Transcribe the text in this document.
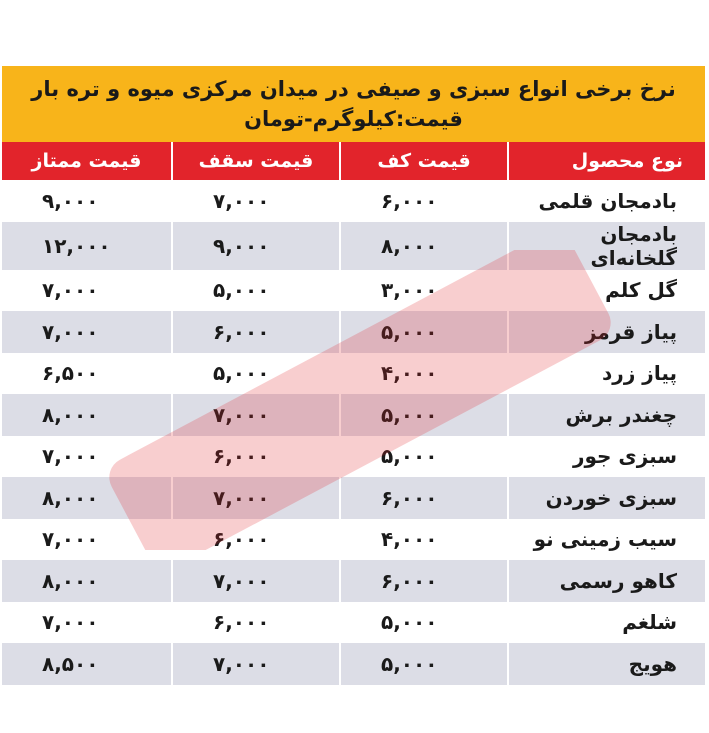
نرخ برخی انواع سبزی و صیفی در میدان مرکزی میوه و تره بار
قیمت:کیلوگرم-تومان
نوع محصول	قیمت کف	قیمت سقف	قیمت ممتاز
بادمجان قلمی	۶,۰۰۰	۷,۰۰۰	۹,۰۰۰
بادمجان گلخانه‌ای	۸,۰۰۰	۹,۰۰۰	۱۲,۰۰۰
گل کلم	۳,۰۰۰	۵,۰۰۰	۷,۰۰۰
پیاز قرمز	۵,۰۰۰	۶,۰۰۰	۷,۰۰۰
پیاز زرد	۴,۰۰۰	۵,۰۰۰	۶,۵۰۰
چغندر برش	۵,۰۰۰	۷,۰۰۰	۸,۰۰۰
سبزی جور	۵,۰۰۰	۶,۰۰۰	۷,۰۰۰
سبزی خوردن	۶,۰۰۰	۷,۰۰۰	۸,۰۰۰
سیب زمینی نو	۴,۰۰۰	۶,۰۰۰	۷,۰۰۰
کاهو رسمی	۶,۰۰۰	۷,۰۰۰	۸,۰۰۰
شلغم	۵,۰۰۰	۶,۰۰۰	۷,۰۰۰
هویج	۵,۰۰۰	۷,۰۰۰	۸,۵۰۰
